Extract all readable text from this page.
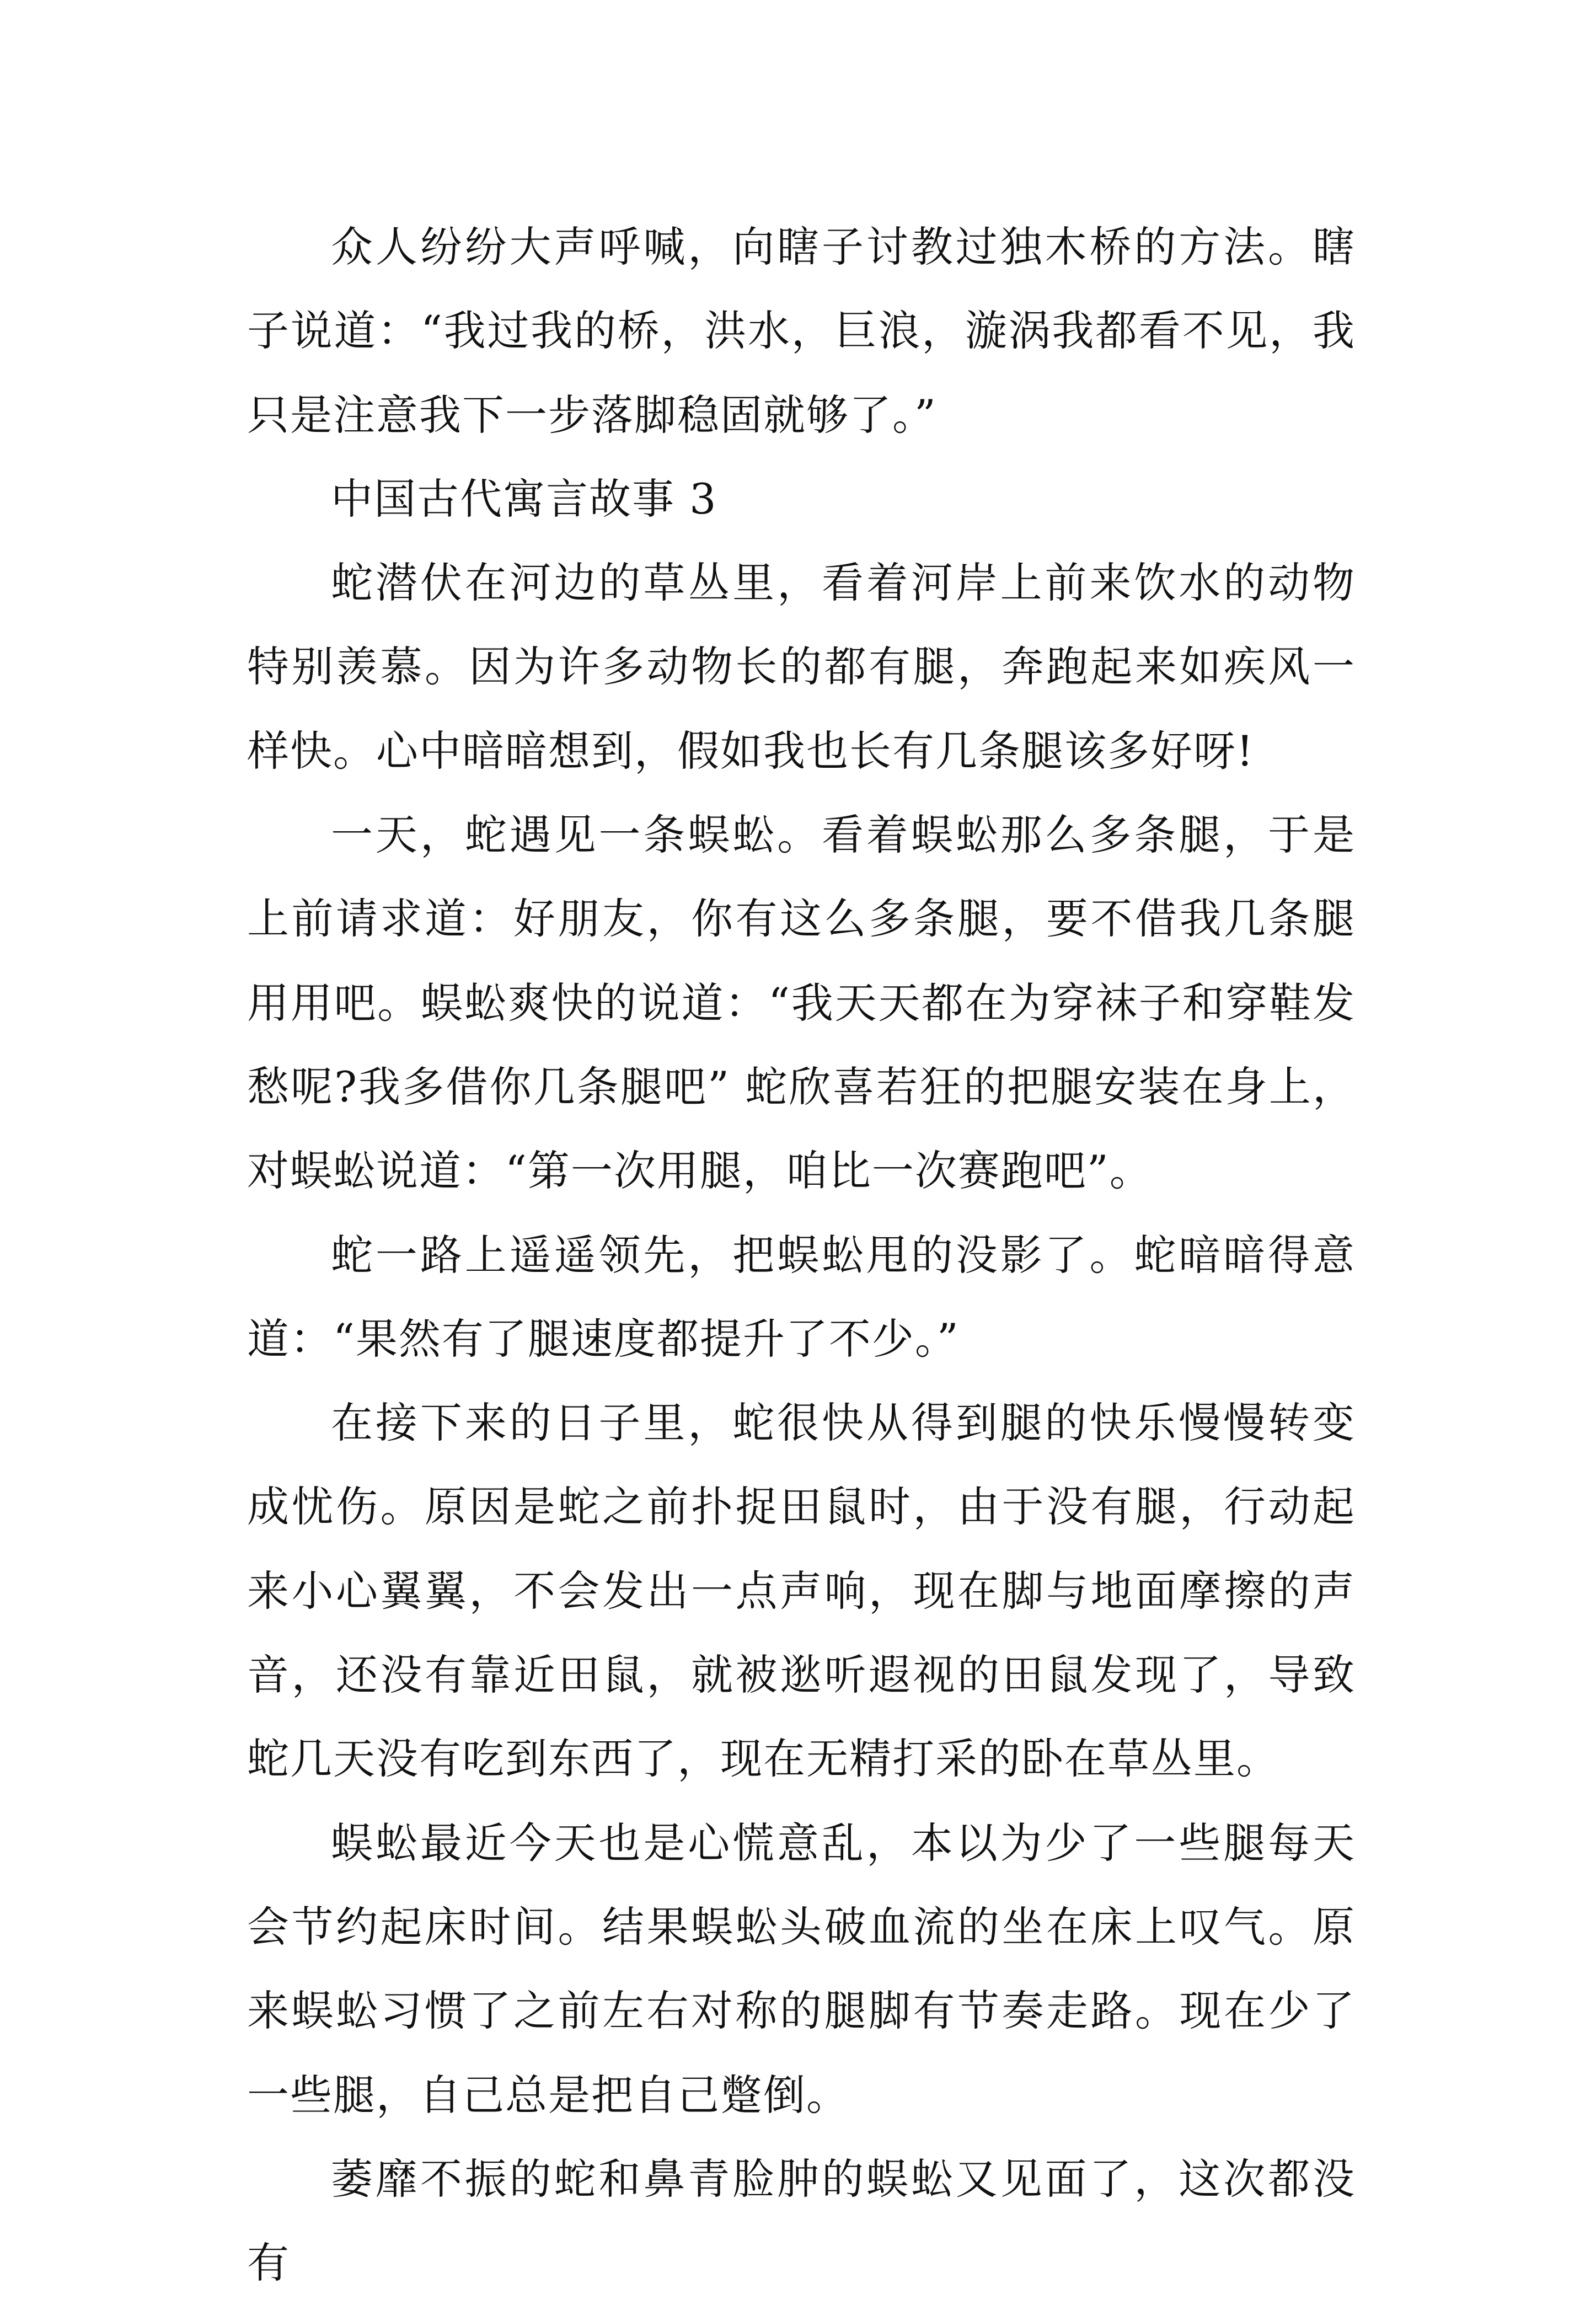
众人纷纷大声呼喊，向瞎子讨教过独木桥的方法。瞎子说道：“我过我的桥，洪水，巨浪，漩涡我都看不见，我只是注意我下一步落脚稳固就够了。”

中国古代寓言故事 3

蛇潜伏在河边的草丛里，看着河岸上前来饮水的动物特别羡慕。因为许多动物长的都有腿，奔跑起来如疾风一样快。心中暗暗想到，假如我也长有几条腿该多好呀!

一天，蛇遇见一条蜈蚣。看着蜈蚣那么多条腿，于是上前请求道：好朋友，你有这么多条腿，要不借我几条腿用用吧。蜈蚣爽快的说道：“我天天都在为穿袜子和穿鞋发愁呢?我多借你几条腿吧” 蛇欣喜若狂的把腿安装在身上，对蜈蚣说道：“第一次用腿，咱比一次赛跑吧”。

蛇一路上遥遥领先，把蜈蚣甩的没影了。蛇暗暗得意道：“果然有了腿速度都提升了不少。”

在接下来的日子里，蛇很快从得到腿的快乐慢慢转变成忧伤。原因是蛇之前扑捉田鼠时，由于没有腿，行动起来小心翼翼，不会发出一点声响，现在脚与地面摩擦的声音，还没有靠近田鼠，就被逖听遐视的田鼠发现了，导致蛇几天没有吃到东西了，现在无精打采的卧在草丛里。

蜈蚣最近今天也是心慌意乱，本以为少了一些腿每天会节约起床时间。结果蜈蚣头破血流的坐在床上叹气。原来蜈蚣习惯了之前左右对称的腿脚有节奏走路。现在少了一些腿，自己总是把自己蹩倒。

萎靡不振的蛇和鼻青脸肿的蜈蚣又见面了，这次都没有
